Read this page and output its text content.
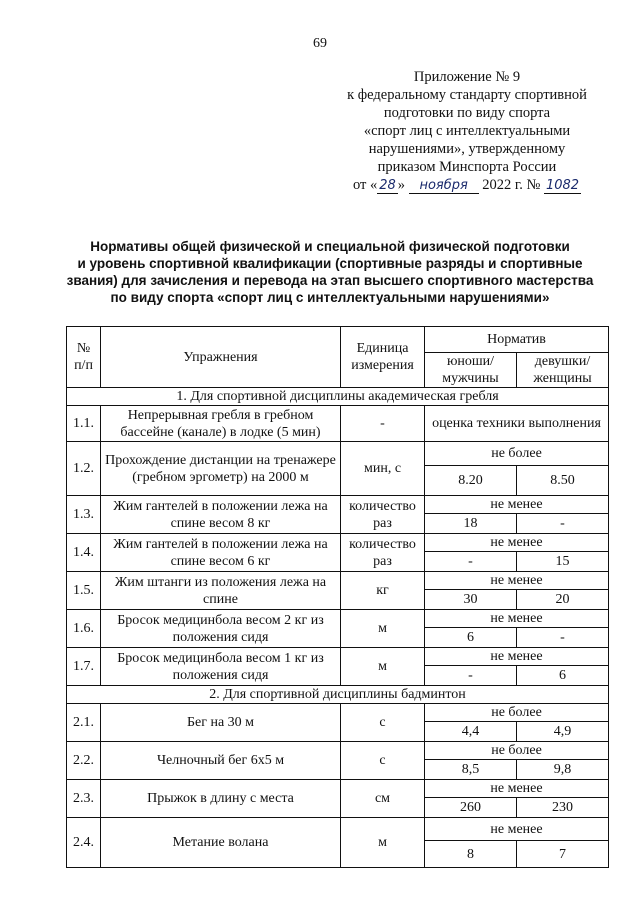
69
Приложение № 9
к федеральному стандарту спортивной
подготовки по виду спорта
«спорт лиц с интеллектуальными
нарушениями», утвержденному
приказом Минспорта России
от « 28 » ноября 2022 г. № 1082
Нормативы общей физической и специальной физической подготовки
и уровень спортивной квалификации (спортивные разряды и спортивные
звания) для зачисления и перевода на этап высшего спортивного мастерства
по виду спорта «спорт лиц с интеллектуальными нарушениями»
№
п/п	Упражнения	Единица измерения	Норматив	
			юноши/ мужчины	девушки/ женщины
1. Для спортивной дисциплины академическая гребля				
1.1.	Непрерывная гребля в гребном бассейне (канале) в лодке (5 мин)	-	оценка техники выполнения	
1.2.	Прохождение дистанции на тренажере (гребном эргометр) на 2000 м	мин, с	не более	
			8.20	8.50
1.3.	Жим гантелей в положении лежа на спине весом 8 кг	количество раз	не менее	
			18	-
1.4.	Жим гантелей в положении лежа на спине весом 6 кг	количество раз	не менее	
			-	15
1.5.	Жим штанги из положения лежа на спине	кг	не менее	
			30	20
1.6.	Бросок медицинбола весом 2 кг из положения сидя	м	не менее	
			6	-
1.7.	Бросок медицинбола весом 1 кг из положения сидя	м	не менее	
			-	6
2. Для спортивной дисциплины бадминтон				
2.1.	Бег на 30 м	с	не более	
			4,4	4,9
2.2.	Челночный бег 6х5 м	с	не более	
			8,5	9,8
2.3.	Прыжок в длину с места	см	не менее	
			260	230
2.4.	Метание волана	м	не менее	
			8	7
